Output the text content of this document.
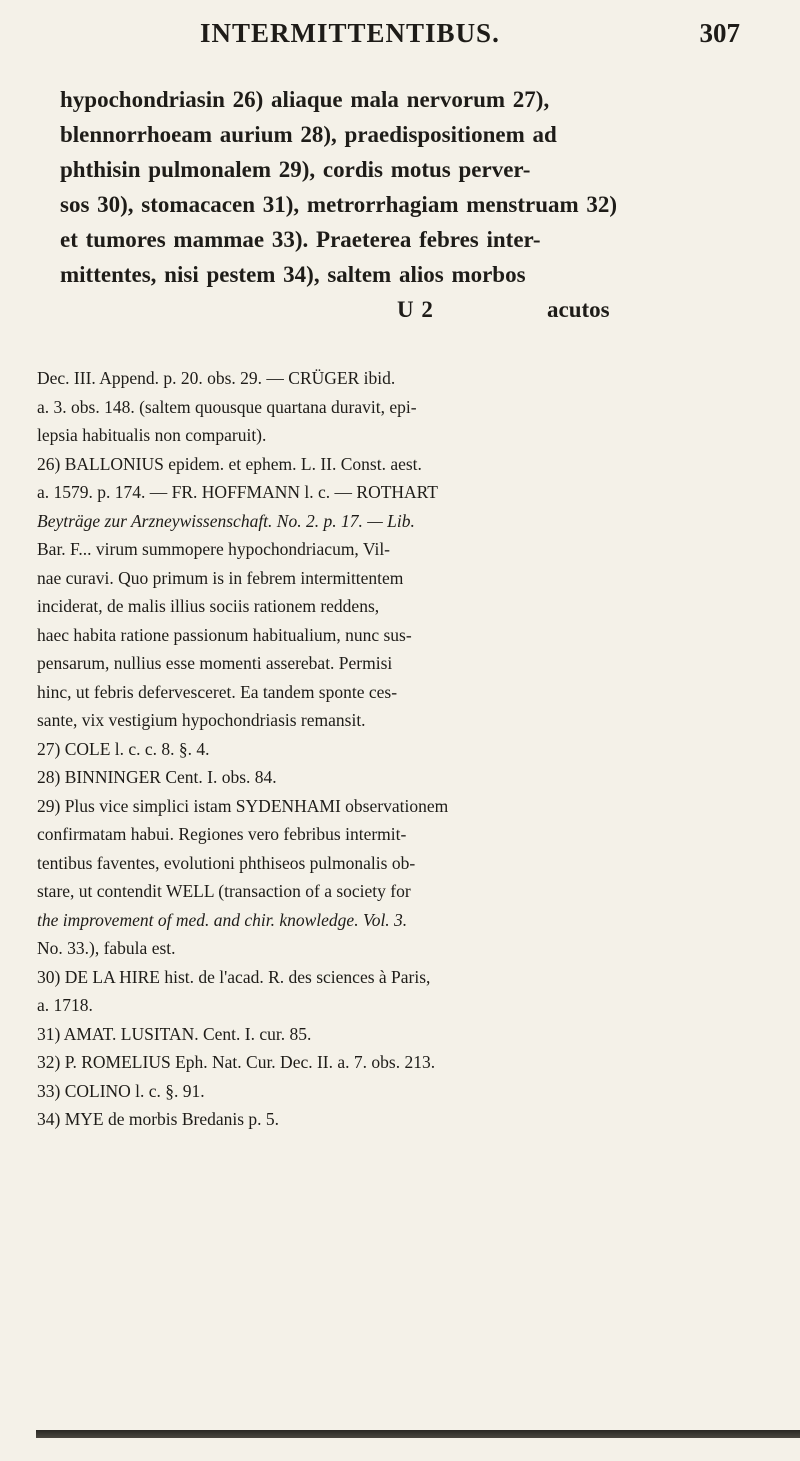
INTERMITTENTIBUS.	307
hypochondriasin 26) aliaque mala nervorum 27),
blennorrhoeam aurium 28), praedispositionem ad
phthisin pulmonalem 29), cordis motus perver-
sos 30), stomacacen 31), metrorrhagiam menstruam 32)
et tumores mammae 33). Praeterea febres inter-
mittentes, nisi pestem 34), saltem alios morbos
U 2	acutos
Dec. III. Append. p. 20. obs. 29. — CRÜGER ibid.
a. 3. obs. 148. (saltem quousque quartana duravit, epi-
lepsia habitualis non comparuit).
26) BALLONIUS epidem. et ephem. L. II. Const. aest.
a. 1579. p. 174. — FR. HOFFMANN l. c. — ROTHART
Beyträge zur Arzneywissenschaft. No. 2. p. 17. — Lib.
Bar. F... virum summopere hypochondriacum, Vil-
nae curavi. Quo primum is in febrem intermittentem
inciderat, de malis illius sociis rationem reddens,
haec habita ratione passionum habitualium, nunc sus-
pensarum, nullius esse momenti asserebat. Permisi
hinc, ut febris defervesceret. Ea tandem sponte ces-
sante, vix vestigium hypochondriasis remansit.
27) COLE l. c. c. 8. §. 4.
28) BINNINGER Cent. I. obs. 84.
29) Plus vice simplici istam SYDENHAMI observationem
confirmatam habui. Regiones vero febribus intermit-
tentibus faventes, evolutioni phthiseos pulmonalis ob-
stare, ut contendit WELL (transaction of a society for
the improvement of med. and chir. knowledge. Vol. 3.
No. 33.), fabula est.
30) DE LA HIRE hist. de l'acad. R. des sciences à Paris,
a. 1718.
31) AMAT. LUSITAN. Cent. I. cur. 85.
32) P. ROMELIUS Eph. Nat. Cur. Dec. II. a. 7. obs. 213.
33) COLINO l. c. §. 91.
34) MYE de morbis Bredanis p. 5.
